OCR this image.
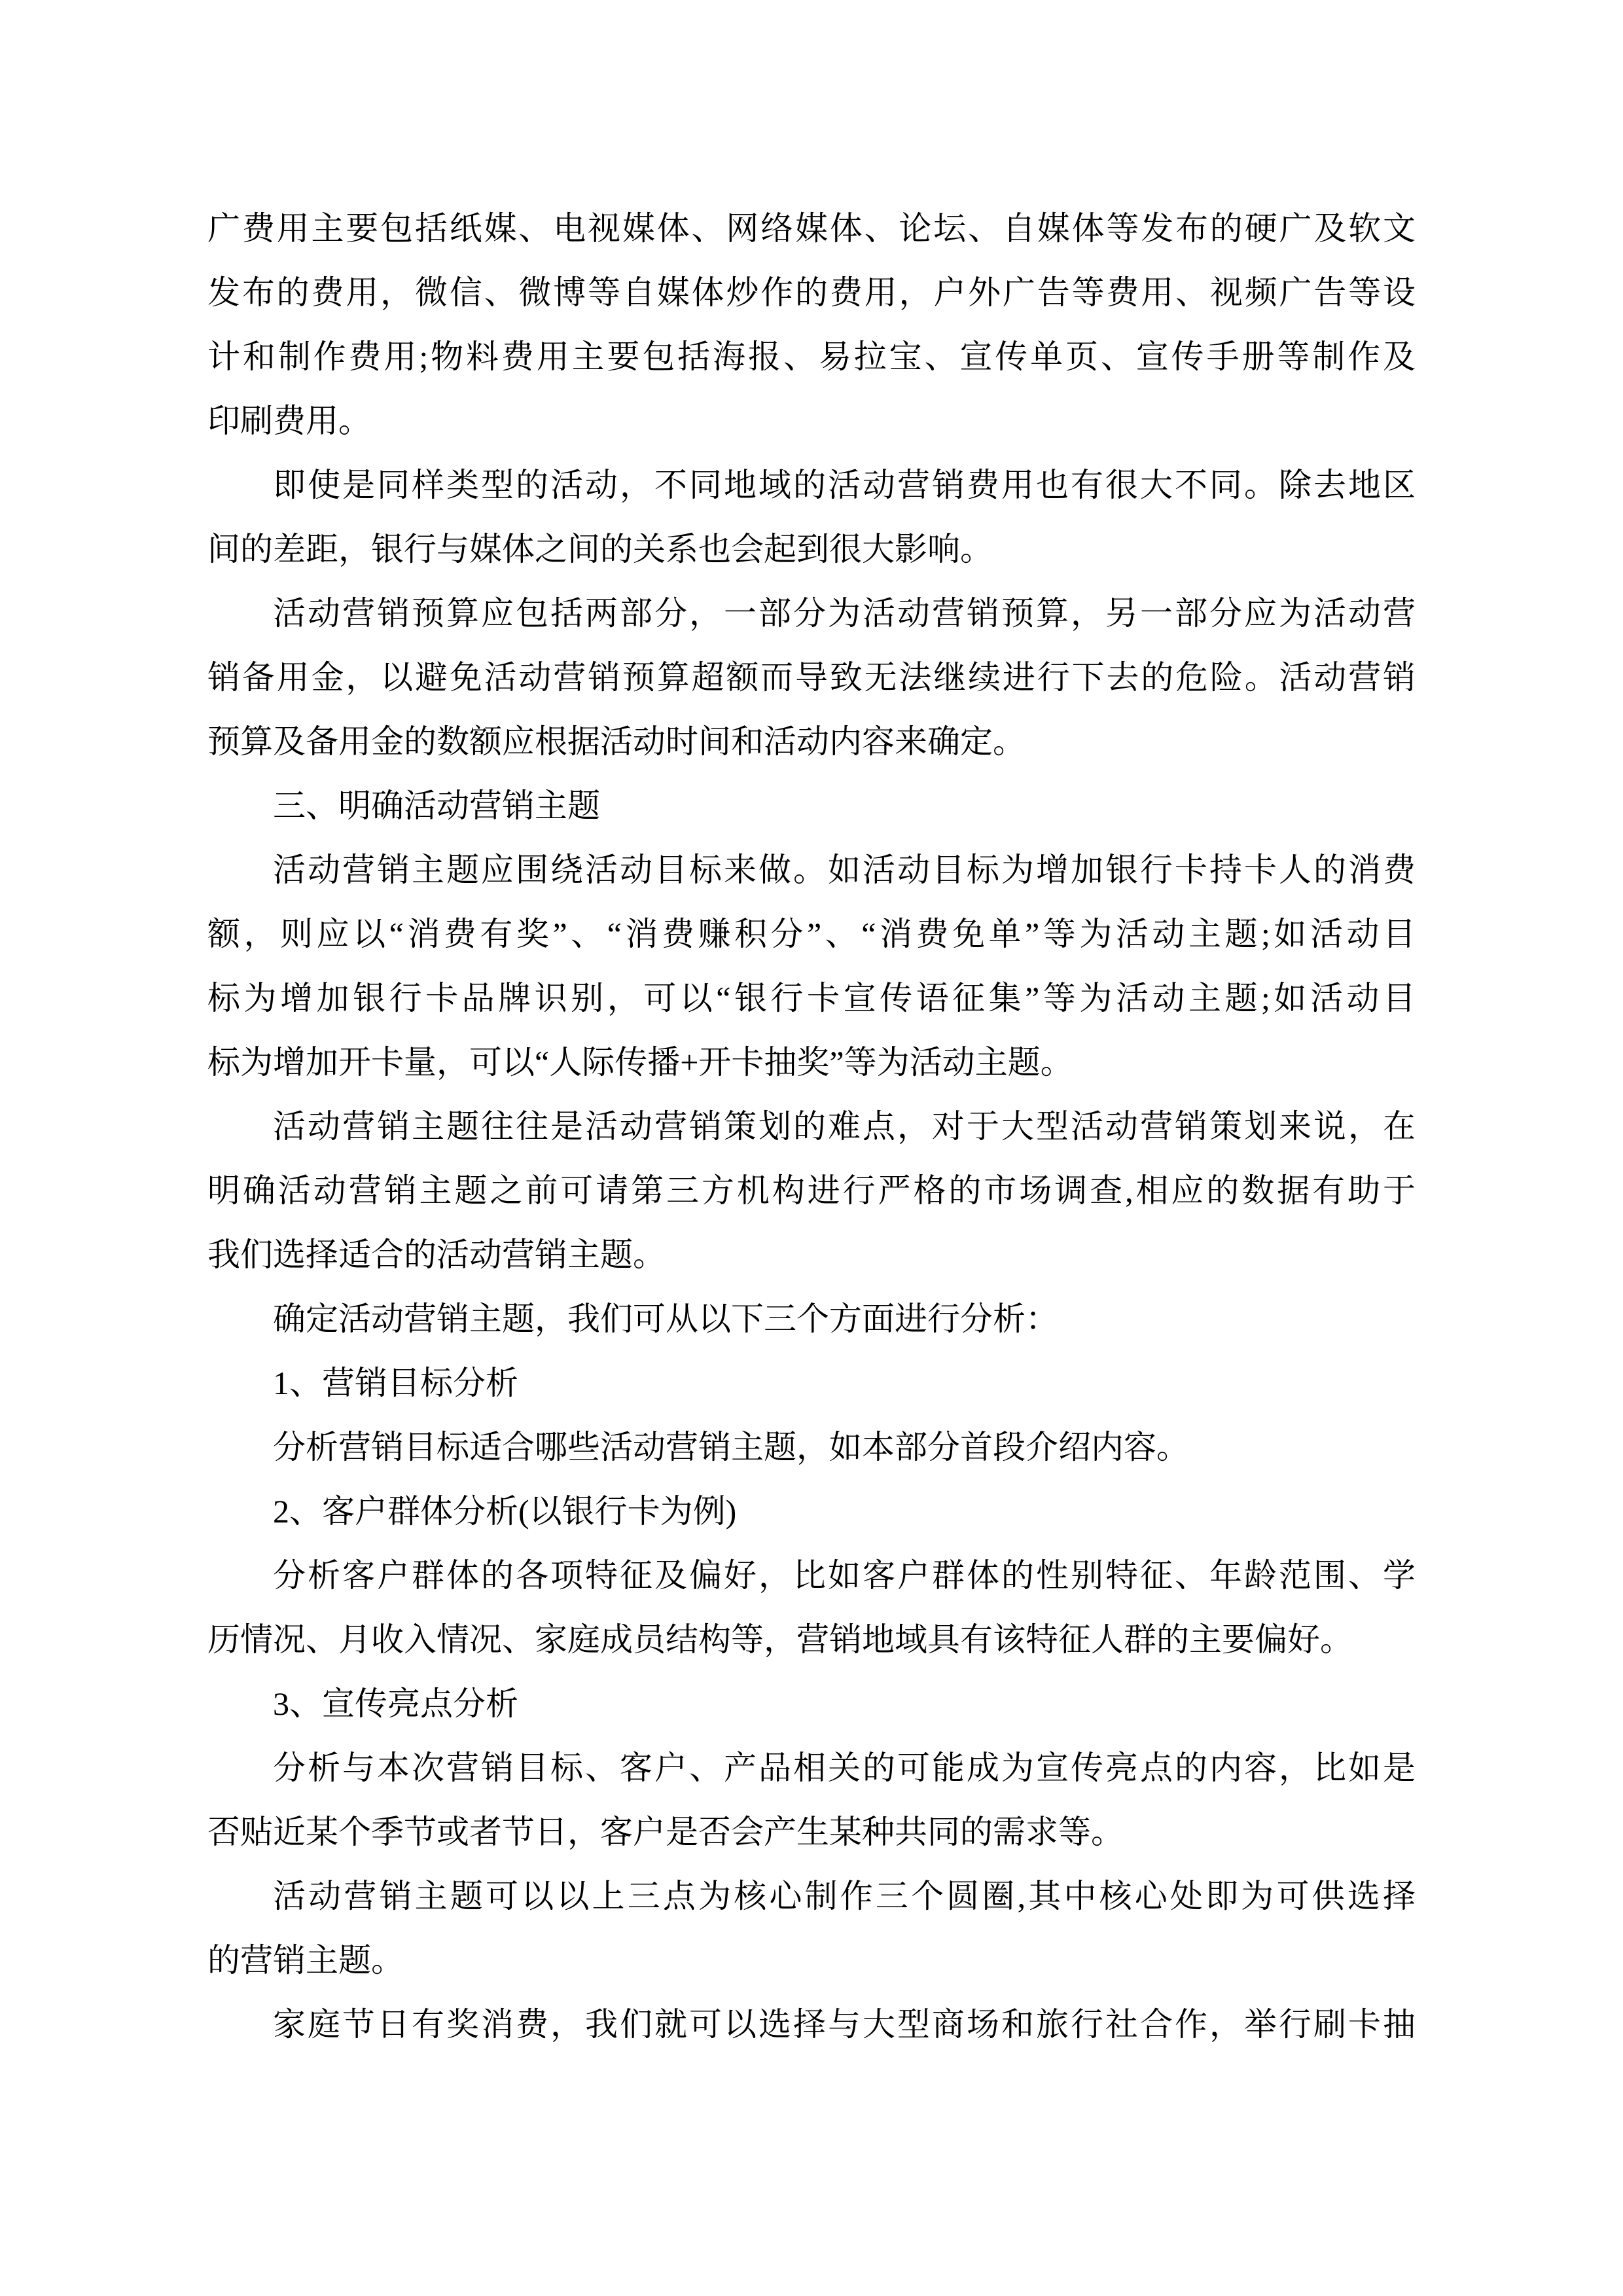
广费用主要包括纸媒、电视媒体、网络媒体、论坛、自媒体等发布的硬广及软文
发布的费用，微信、微博等自媒体炒作的费用，户外广告等费用、视频广告等设
计和制作费用;物料费用主要包括海报、易拉宝、宣传单页、宣传手册等制作及
印刷费用。
即使是同样类型的活动，不同地域的活动营销费用也有很大不同。除去地区
间的差距，银行与媒体之间的关系也会起到很大影响。
活动营销预算应包括两部分，一部分为活动营销预算，另一部分应为活动营
销备用金，以避免活动营销预算超额而导致无法继续进行下去的危险。活动营销
预算及备用金的数额应根据活动时间和活动内容来确定。
三、明确活动营销主题
活动营销主题应围绕活动目标来做。如活动目标为增加银行卡持卡人的消费
额，则应以“消费有奖”、“消费赚积分”、“消费免单”等为活动主题;如活动目
标为增加银行卡品牌识别，可以“银行卡宣传语征集”等为活动主题;如活动目
标为增加开卡量，可以“人际传播+开卡抽奖”等为活动主题。
活动营销主题往往是活动营销策划的难点，对于大型活动营销策划来说，在
明确活动营销主题之前可请第三方机构进行严格的市场调查,相应的数据有助于
我们选择适合的活动营销主题。
确定活动营销主题，我们可从以下三个方面进行分析：
1、营销目标分析
分析营销目标适合哪些活动营销主题，如本部分首段介绍内容。
2、客户群体分析(以银行卡为例)
分析客户群体的各项特征及偏好，比如客户群体的性别特征、年龄范围、学
历情况、月收入情况、家庭成员结构等，营销地域具有该特征人群的主要偏好。
3、宣传亮点分析
分析与本次营销目标、客户、产品相关的可能成为宣传亮点的内容，比如是
否贴近某个季节或者节日，客户是否会产生某种共同的需求等。
活动营销主题可以以上三点为核心制作三个圆圈,其中核心处即为可供选择
的营销主题。
家庭节日有奖消费，我们就可以选择与大型商场和旅行社合作，举行刷卡抽
